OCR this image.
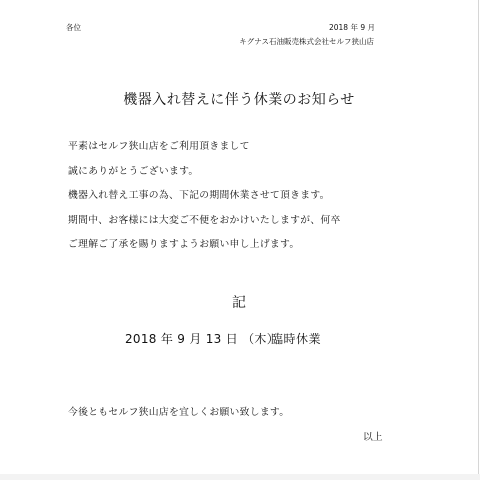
各位	2018 年 9 月
キグナス石油販売株式会社セルフ狭山店
機器入れ替えに伴う休業のお知らせ
平素はセルフ狭山店をご利用頂きまして
誠にありがとうございます。
機器入れ替え工事の為、下記の期間休業させて頂きます。
期間中、お客様には大変ご不便をおかけいたしますが、何卒
ご理解ご了承を賜りますようお願い申し上げます。
記
2018 年 9 月 13 日 （木）
臨時休業
今後ともセルフ狭山店を宜しくお願い致します。
以上
